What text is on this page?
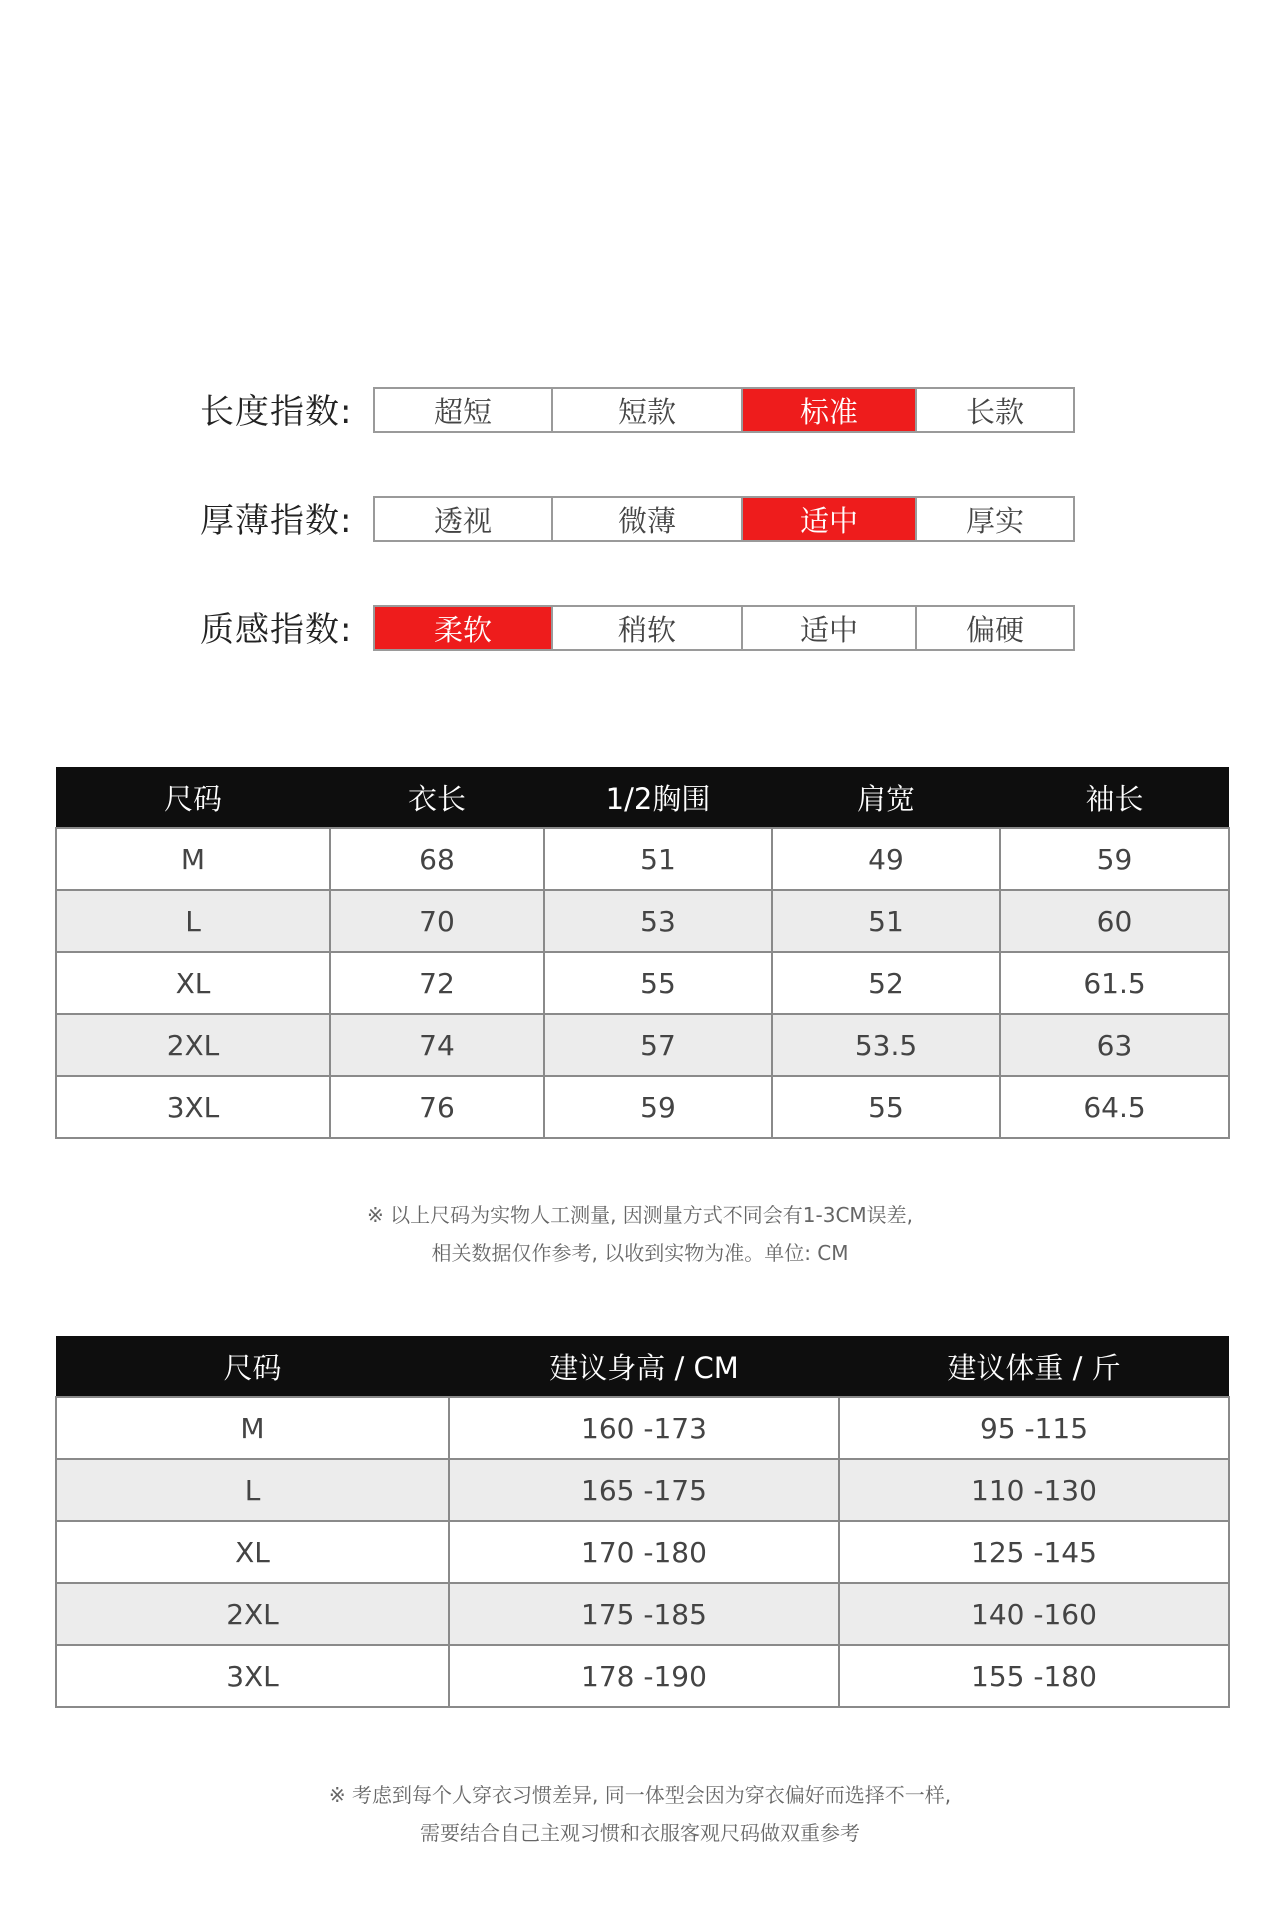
长度指数:	超短	短款	标准	长款
厚薄指数:	透视	微薄	适中	厚实
质感指数:	柔软	稍软	适中	偏硬
尺码	衣长	1/2胸围	肩宽	袖长
M	68	51	49	59
L	70	53	51	60
XL	72	55	52	61.5
2XL	74	57	53.5	63
3XL	76	59	55	64.5
※ 以上尺码为实物人工测量, 因测量方式不同会有1-3CM误差,
相关数据仅作参考, 以收到实物为准。单位: CM
尺码	建议身高 / CM	建议体重 / 斤
M	160 -173	95 -115
L	165 -175	110 -130
XL	170 -180	125 -145
2XL	175 -185	140 -160
3XL	178 -190	155 -180
※ 考虑到每个人穿衣习惯差异, 同一体型会因为穿衣偏好而选择不一样,
需要结合自己主观习惯和衣服客观尺码做双重参考
